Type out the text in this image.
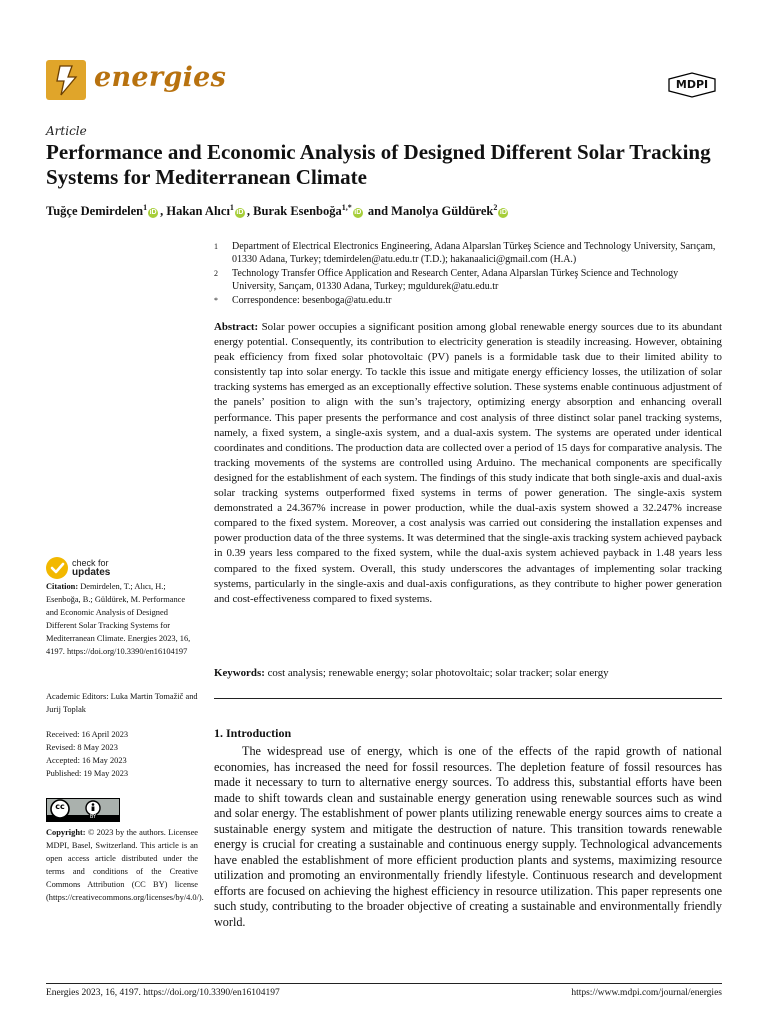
energies	MDPI
Article
Performance and Economic Analysis of Designed Different Solar Tracking Systems for Mediterranean Climate
Tuğçe Demirdelen$^1$iD , Hakan Alıcı$^1$iD , Burak Esenboğa$^{1,*}$iD and Manolya Güldürek$^2$iD
1	Department of Electrical Electronics Engineering, Adana Alparslan Türkeş Science and Technology University, Sarıçam, 01330 Adana, Turkey; tdemirdelen@atu.edu.tr (T.D.); hakanaalici@gmail.com (H.A.)
2	Technology Transfer Office Application and Research Center, Adana Alparslan Türkeş Science and Technology University, Sarıçam, 01330 Adana, Turkey; mguldurek@atu.edu.tr
*	Correspondence: besenboga@atu.edu.tr
Abstract: Solar power occupies a significant position among global renewable energy sources due to its abundant energy potential. Consequently, its contribution to electricity generation is steadily increasing. However, obtaining peak efficiency from fixed solar photovoltaic (PV) panels is a formidable task due to their limited ability to consistently tap into solar energy. To tackle this issue and mitigate energy efficiency losses, the utilization of solar tracking systems has emerged as an exceptionally effective solution. These systems enable continuous adjustment of the panels’ position to align with the sun’s trajectory, optimizing energy absorption and enhancing overall performance. This paper presents the performance and cost analysis of three distinct solar panel tracking systems, namely, a fixed system, a single-axis system, and a dual-axis system. The systems are operated under identical coordinates and conditions. The production data are collected over a period of 15 days for comparative analysis. The tracking movements of the systems are controlled using Arduino. The mechanical components are specifically designed for the establishment of each system. The findings of this study indicate that both single-axis and dual-axis solar tracking systems outperformed fixed systems in terms of power generation. The single-axis system demonstrated a 24.367% increase in power production, while the dual-axis system showed a 32.247% increase compared to the fixed system. Moreover, a cost analysis was carried out considering the installation expenses and power production data of the three systems. It was determined that the single-axis tracking system achieved payback in 0.39 years less compared to the fixed system, while the dual-axis system achieved payback in 1.48 years less compared to the fixed system. Overall, this study underscores the advantages of implementing solar tracking systems, particularly in the single-axis and dual-axis configurations, as they contribute to higher power generation and cost-effectiveness compared to fixed systems.
Keywords: cost analysis; renewable energy; solar photovoltaic; solar tracker; solar energy
1. Introduction
The widespread use of energy, which is one of the effects of the rapid growth of national economies, has increased the need for fossil resources. The depletion feature of fossil resources has made it necessary to turn to alternative energy sources. To address this, substantial efforts have been made to shift towards clean and sustainable energy generation using renewable sources such as wind and solar energy. The establishment of power plants utilizing renewable energy sources aims to create a sustainable energy system and mitigate the destruction of nature. This transition towards renewable energy is crucial for creating a sustainable and continuous energy supply. Technological advancements have enabled the establishment of more efficient production plants and systems, maximizing resource utilization and promoting an environmentally friendly lifestyle. Continuous research and development efforts are focused on achieving the highest efficiency in resource utilization. This paper represents one such study, contributing to the broader objective of creating a sustainable and environmentally friendly world.
check for
updates
Citation: Demirdelen, T.; Alıcı, H.; Esenboğa, B.; Güldürek, M. Performance and Economic Analysis of Designed Different Solar Tracking Systems for Mediterranean Climate. Energies 2023, 16, 4197. https://doi.org/10.3390/en16104197
Academic Editors: Luka Martin Tomažič and Jurij Toplak
Received: 16 April 2023
Revised: 8 May 2023
Accepted: 16 May 2023
Published: 19 May 2023
cc
BY
Copyright: © 2023 by the authors. Licensee MDPI, Basel, Switzerland. This article is an open access article distributed under the terms and conditions of the Creative Commons Attribution (CC BY) license (https://creativecommons.org/licenses/by/4.0/).
Energies 2023, 16, 4197. https://doi.org/10.3390/en16104197	https://www.mdpi.com/journal/energies
